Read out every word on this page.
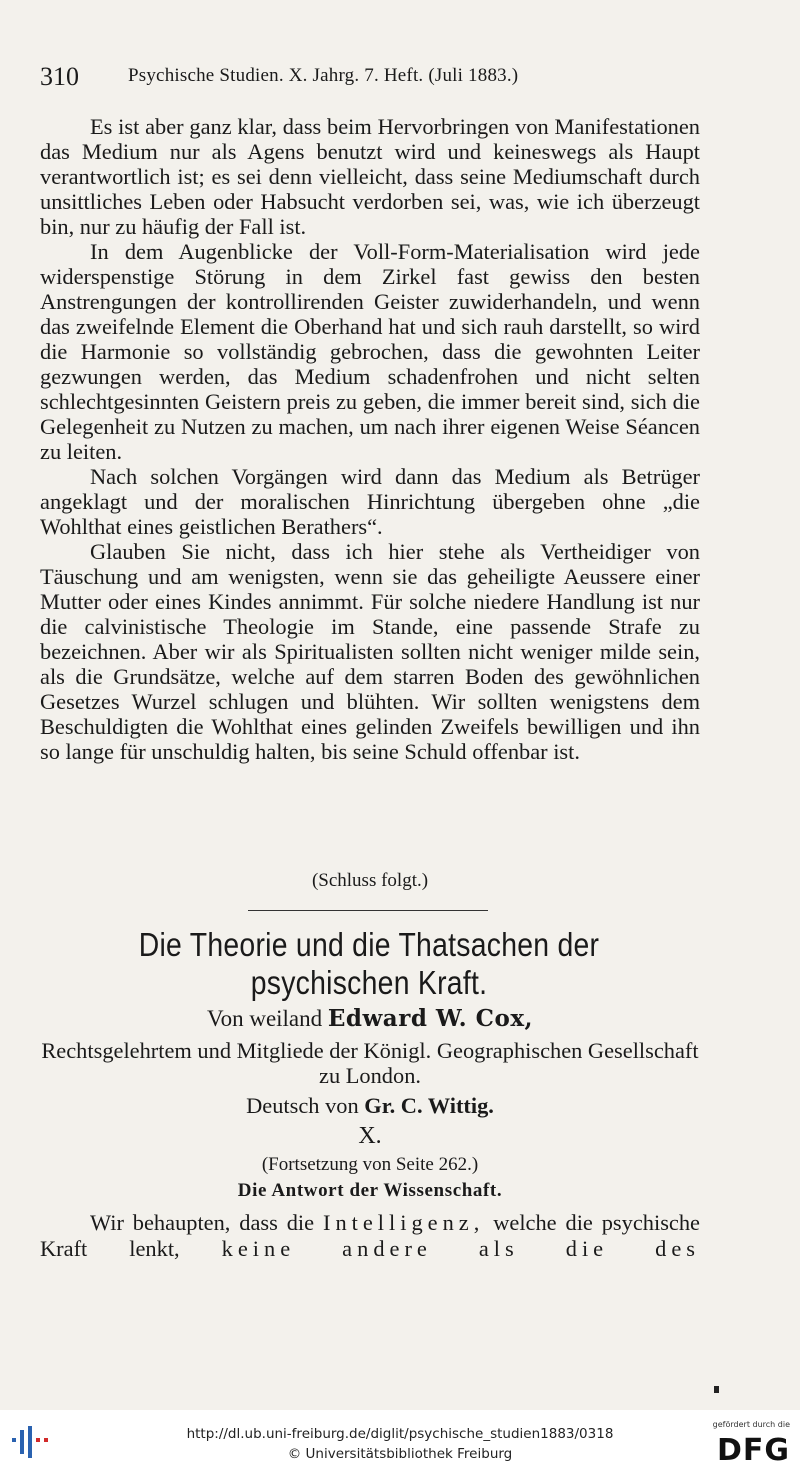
310	Psychische Studien. X. Jahrg. 7. Heft. (Juli 1883.)

Es ist aber ganz klar, dass beim Hervorbringen von Manifestationen das Medium nur als Agens benutzt wird und keineswegs als Haupt verantwortlich ist; es sei denn vielleicht, dass seine Mediumschaft durch unsittliches Leben oder Habsucht verdorben sei, was, wie ich überzeugt bin, nur zu häufig der Fall ist.

In dem Augenblicke der Voll-Form-Materialisation wird jede widerspenstige Störung in dem Zirkel fast gewiss den besten Anstrengungen der kontrollirenden Geister zuwiderhandeln, und wenn das zweifelnde Element die Oberhand hat und sich rauh darstellt, so wird die Harmonie so vollständig gebrochen, dass die gewohnten Leiter gezwungen werden, das Medium schadenfrohen und nicht selten schlechtgesinnten Geistern preis zu geben, die immer bereit sind, sich die Gelegenheit zu Nutzen zu machen, um nach ihrer eigenen Weise Séancen zu leiten.

Nach solchen Vorgängen wird dann das Medium als Betrüger angeklagt und der moralischen Hinrichtung übergeben ohne „die Wohlthat eines geistlichen Berathers“.

Glauben Sie nicht, dass ich hier stehe als Vertheidiger von Täuschung und am wenigsten, wenn sie das geheiligte Aeussere einer Mutter oder eines Kindes annimmt. Für solche niedere Handlung ist nur die calvinistische Theologie im Stande, eine passende Strafe zu bezeichnen. Aber wir als Spiritualisten sollten nicht weniger milde sein, als die Grundsätze, welche auf dem starren Boden des gewöhnlichen Gesetzes Wurzel schlugen und blühten. Wir sollten wenigstens dem Beschuldigten die Wohlthat eines gelinden Zweifels bewilligen und ihn so lange für unschuldig halten, bis seine Schuld offenbar ist.

(Schluss folgt.)
Die Theorie und die Thatsachen der psychischen Kraft.
Von weiland Edward W. Cox,
Rechtsgelehrtem und Mitgliede der Königl. Geographischen Gesellschaft zu London.
Deutsch von Gr. C. Wittig.
X.
(Fortsetzung von Seite 262.)
Die Antwort der Wissenschaft.

Wir behaupten, dass die Intelligenz, welche die psychische Kraft lenkt, keine andere als die des

http://dl.ub.uni-freiburg.de/diglit/psychische_studien1883/0318
© Universitätsbibliothek Freiburg
gefördert durch die
DFG
